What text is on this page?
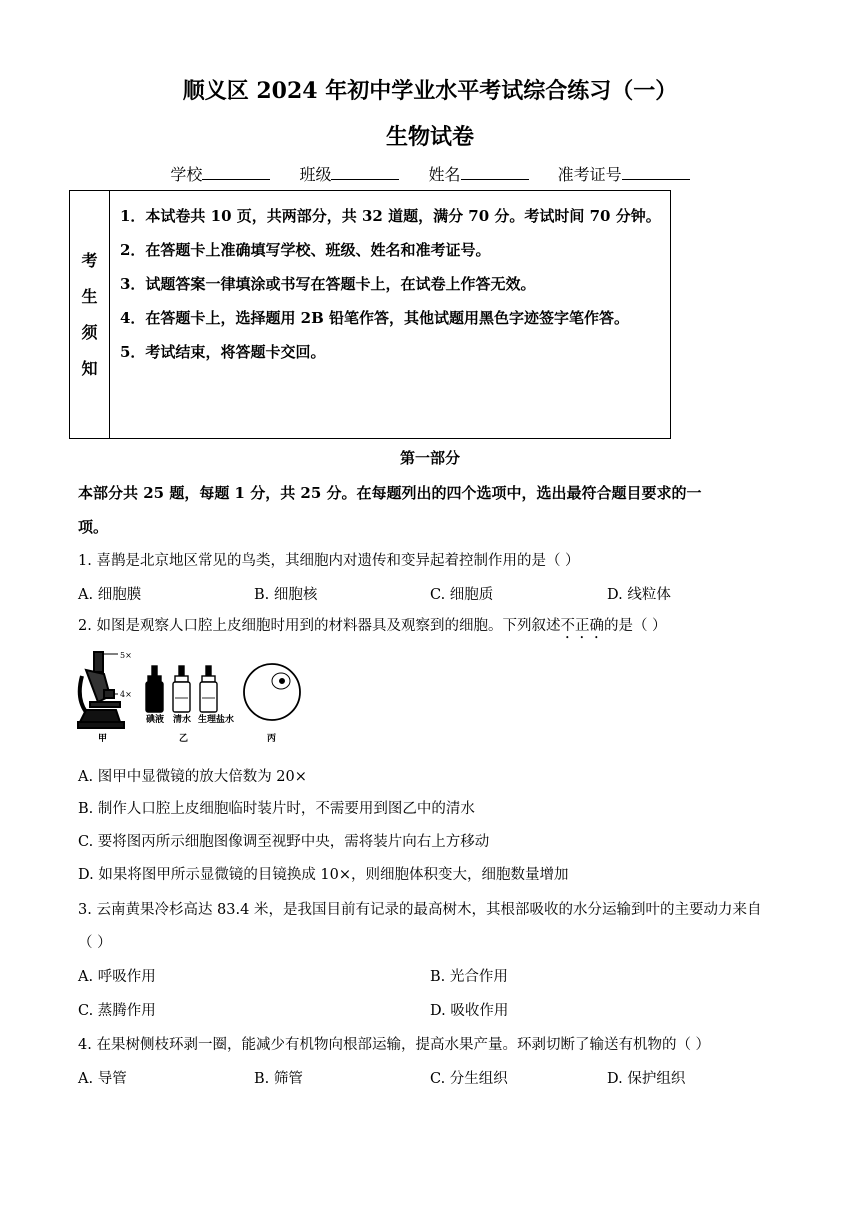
顺义区 2024 年初中学业水平考试综合练习（一）
生物试卷
学校	班级	姓名	准考证号
考
生
须
知

1．本试卷共 10 页，共两部分，共 32 道题，满分 70 分。考试时间 70 分钟。
2．在答题卡上准确填写学校、班级、姓名和准考证号。
3．试题答案一律填涂或书写在答题卡上，在试卷上作答无效。
4．在答题卡上，选择题用 2B 铅笔作答，其他试题用黑色字迹签字笔作答。
5．考试结束，将答题卡交回。
第一部分
本部分共 25 题，每题 1 分，共 25 分。在每题列出的四个选项中，选出最符合题目要求的一
项。
1. 喜鹊是北京地区常见的鸟类，其细胞内对遗传和变异起着控制作用的是（ ）
A. 细胞膜	B. 细胞核	C. 细胞质	D. 线粒体
2. 如图是观察人口腔上皮细胞时用到的材料器具及观察到的细胞。下列叙述不正确的是（ ）
5×
4×
碘液 清水 生理盐水
甲	乙	丙
A. 图甲中显微镜的放大倍数为 20×
B. 制作人口腔上皮细胞临时装片时，不需要用到图乙中的清水
C. 要将图丙所示细胞图像调至视野中央，需将装片向右上方移动
D. 如果将图甲所示显微镜的目镜换成 10×，则细胞体积变大，细胞数量增加
3. 云南黄果冷杉高达 83.4 米，是我国目前有记录的最高树木，其根部吸收的水分运输到叶的主要动力来自
（ ）
A. 呼吸作用	B. 光合作用
C. 蒸腾作用	D. 吸收作用
4. 在果树侧枝环剥一圈，能减少有机物向根部运输，提高水果产量。环剥切断了输送有机物的（ ）
A. 导管	B. 筛管	C. 分生组织	D. 保护组织
